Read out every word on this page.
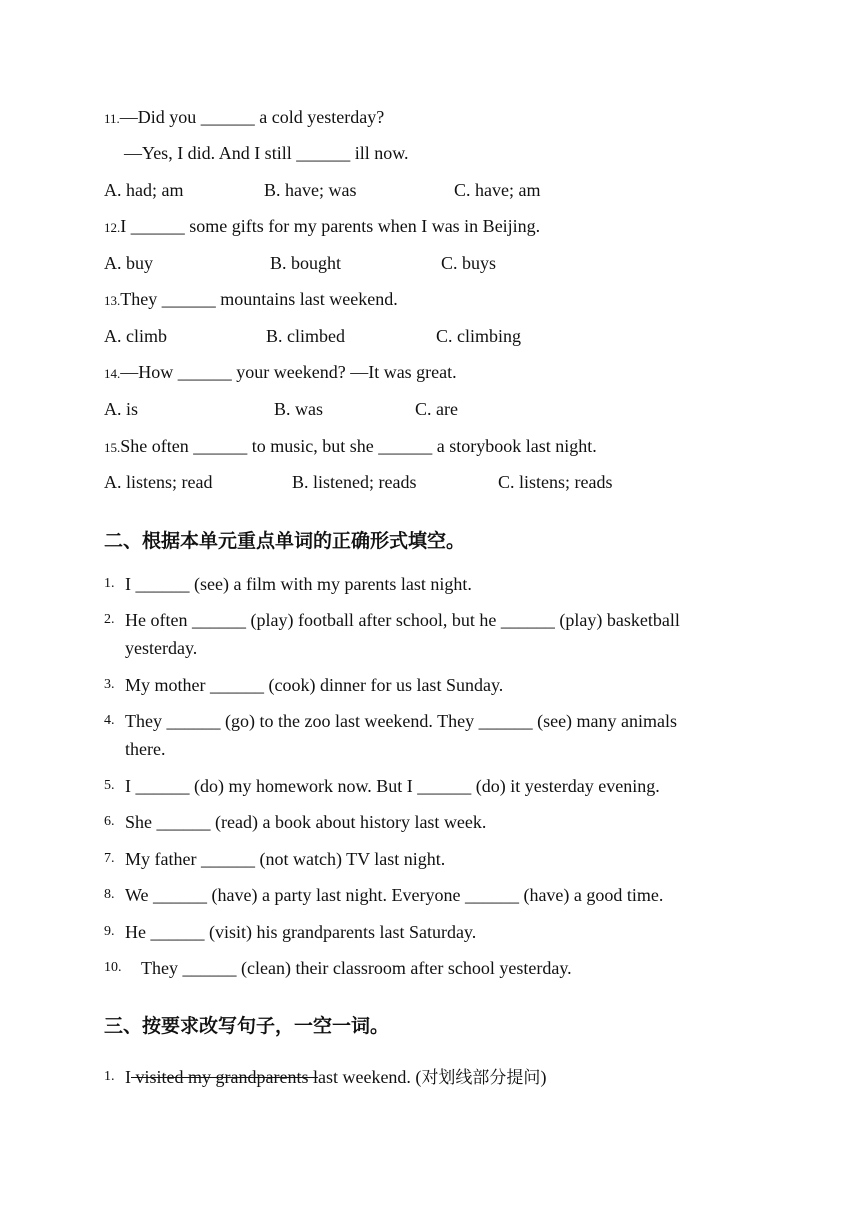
11.—Did you ______ a cold yesterday?
—Yes, I did. And I still ______ ill now.
A. had; am	B. have; was	C. have; am
12.I ______ some gifts for my parents when I was in Beijing.
A. buy	B. bought	C. buys
13.They ______ mountains last weekend.
A. climb	B. climbed	C. climbing
14.—How ______ your weekend? —It was great.
A. is	B. was	C. are
15.She often ______ to music, but she ______ a storybook last night.
A. listens; read	B. listened; reads	C. listens; reads
二、根据本单元重点单词的正确形式填空。
1. I ______ (see) a film with my parents last night.
2. He often ______ (play) football after school, but he ______ (play) basketball
yesterday.
3. My mother ______ (cook) dinner for us last Sunday.
4. They ______ (go) to the zoo last weekend. They ______ (see) many animals
there.
5. I ______ (do) my homework now. But I ______ (do) it yesterday evening.
6. She ______ (read) a book about history last week.
7. My father ______ (not watch) TV last night.
8. We ______ (have) a party last night. Everyone ______ (have) a good time.
9. He ______ (visit) his grandparents last Saturday.
10. They ______ (clean) their classroom after school yesterday.
三、按要求改写句子，一空一词。
1. I visited my grandparents last weekend. (对划线部分提问)
